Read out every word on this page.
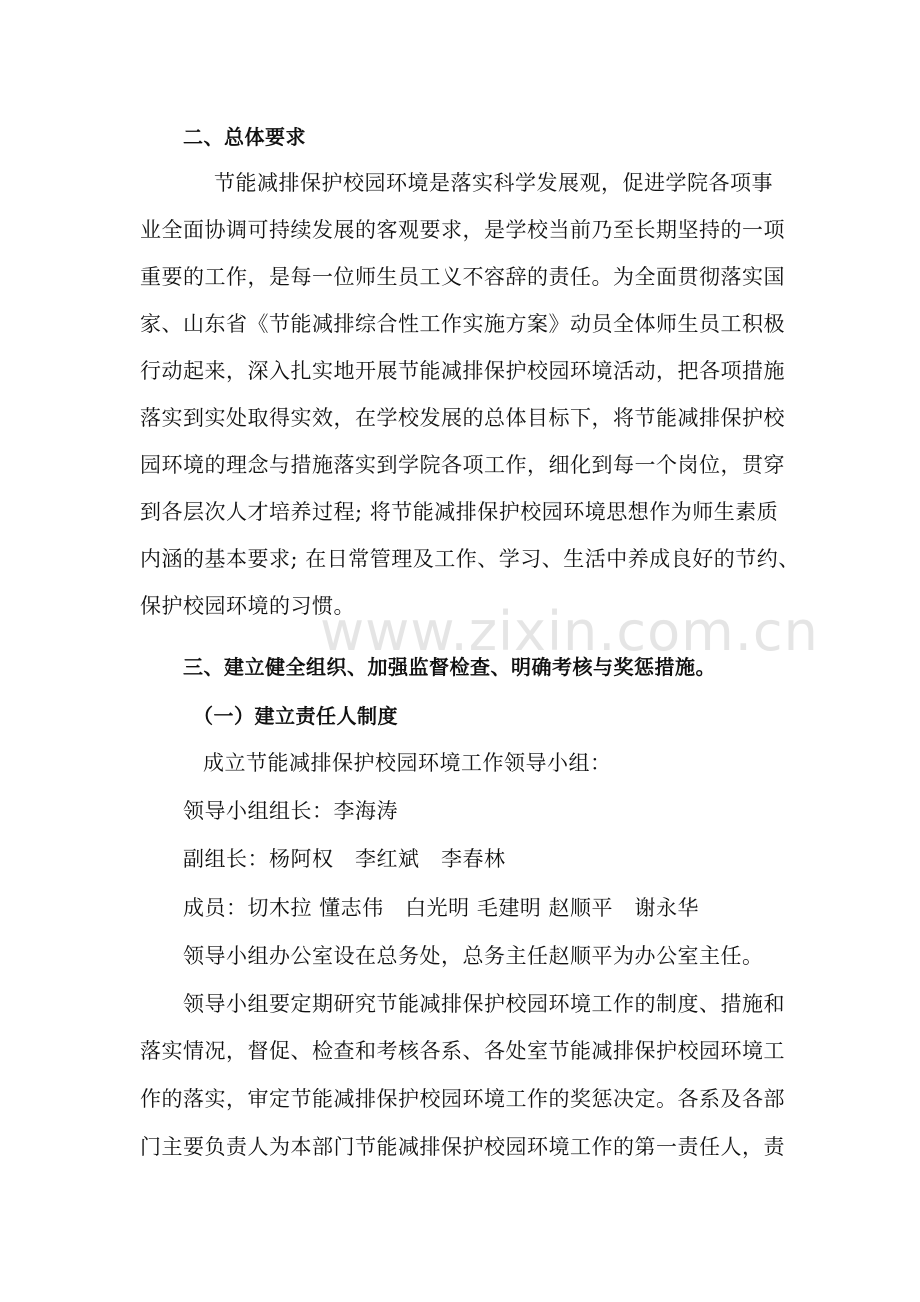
www.zixin.com.cn
二、总体要求
节能减排保护校园环境是落实科学发展观，促进学院各项事
业全面协调可持续发展的客观要求，是学校当前乃至长期坚持的一项
重要的工作，是每一位师生员工义不容辞的责任。为全面贯彻落实国
家、山东省《节能减排综合性工作实施方案》动员全体师生员工积极
行动起来，深入扎实地开展节能减排保护校园环境活动，把各项措施
落实到实处取得实效，在学校发展的总体目标下，将节能减排保护校
园环境的理念与措施落实到学院各项工作，细化到每一个岗位，贯穿
到各层次人才培养过程; 将节能减排保护校园环境思想作为师生素质
内涵的基本要求; 在日常管理及工作、学习、生活中养成良好的节约、
保护校园环境的习惯。
三、建立健全组织、加强监督检查、明确考核与奖惩措施。
（一）建立责任人制度
成立节能减排保护校园环境工作领导小组：
领导小组组长：李海涛
副组长：杨阿权　李红斌　李春林
成员：切木拉 懂志伟　白光明 毛建明 赵顺平　谢永华
领导小组办公室设在总务处，总务主任赵顺平为办公室主任。
领导小组要定期研究节能减排保护校园环境工作的制度、措施和
落实情况，督促、检查和考核各系、各处室节能减排保护校园环境工
作的落实，审定节能减排保护校园环境工作的奖惩决定。各系及各部
门主要负责人为本部门节能减排保护校园环境工作的第一责任人，责
